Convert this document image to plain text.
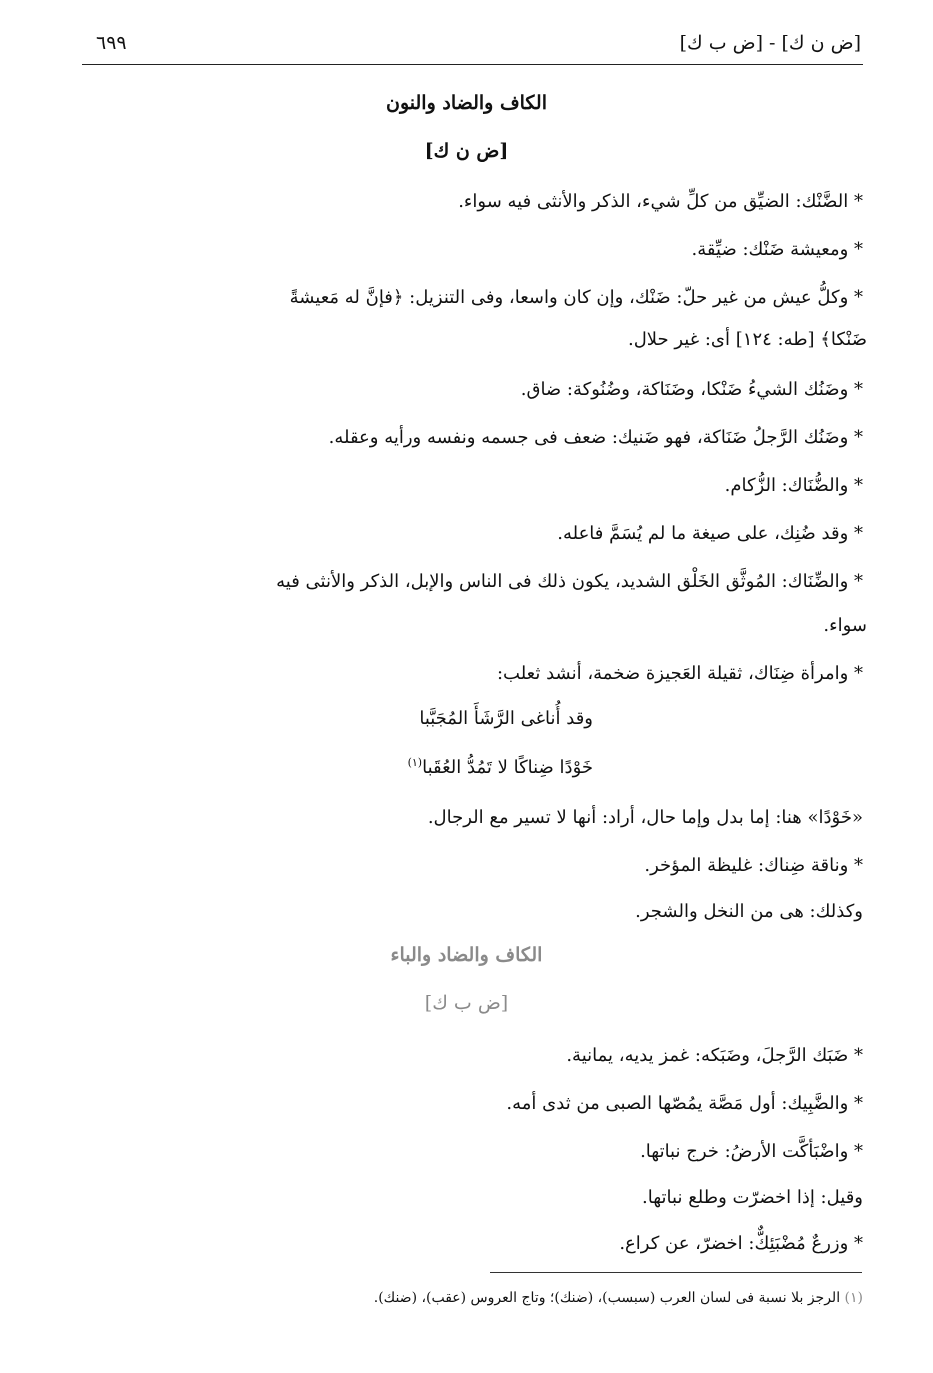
[ض ن ك] - [ض ب ك]
٦٩٩
الكاف والضاد والنون
[ض ن ك]
* الضَّنْك: الضيِّق من كلِّ شيء، الذكر والأنثى فيه سواء.
* ومعيشة ضَنْك: ضيِّقة.
* وكلُّ عيش من غير حلّ: ضَنْك، وإن كان واسعا، وفى التنزيل: ﴿فإنَّ له مَعيشةً
ضَنْكا﴾ [طه: ١٢٤] أى: غير حلال.
* وضَنُك الشيءُ ضَنْكا، وضَنَاكة، وضُنُوكة: ضاق.
* وضَنُك الرَّجلُ ضَنَاكة، فهو ضَنيك: ضعف فى جسمه ونفسه ورأيه وعقله.
* والضُّنَاك: الزُّكام.
* وقد ضُنِك، على صيغة ما لم يُسَمَّ فاعله.
* والضِّنَاك: المُوثَّق الخَلْق الشديد، يكون ذلك فى الناس والإبل، الذكر والأنثى فيه
سواء.
* وامرأة ضِنَاك، ثقيلة العَجيزة ضخمة، أنشد ثعلب:
وقد أُناغى الرَّشَأَ المُجَبَّبا
خَوْدًا ضِناكًا لا تَمُدُّ العُقَبا$^{(١)}$
«خَوْدًا» هنا: إما بدل وإما حال، أراد: أنها لا تسير مع الرجال.
* وناقة ضِناك: غليظة المؤخر.
وكذلك: هى من النخل والشجر.
الكاف والضاد والباء
[ض ب ك]
* ضَبَك الرَّجلَ، وضَبَكه: غمز يديه، يمانية.
* والضَّبِيك: أول مَصَّة يمُصّها الصبى من ثدى أمه.
* واضْبَأكَّت الأرضُ: خرج نباتها.
وقيل: إذا اخضرّت وطلع نباتها.
* وزرعٌ مُضْبَئِكٌّ: اخضرّ، عن كراع.
(١) الرجز بلا نسبة فى لسان العرب (سبسب)، (ضنك)؛ وتاج العروس (عقب)، (ضنك).
